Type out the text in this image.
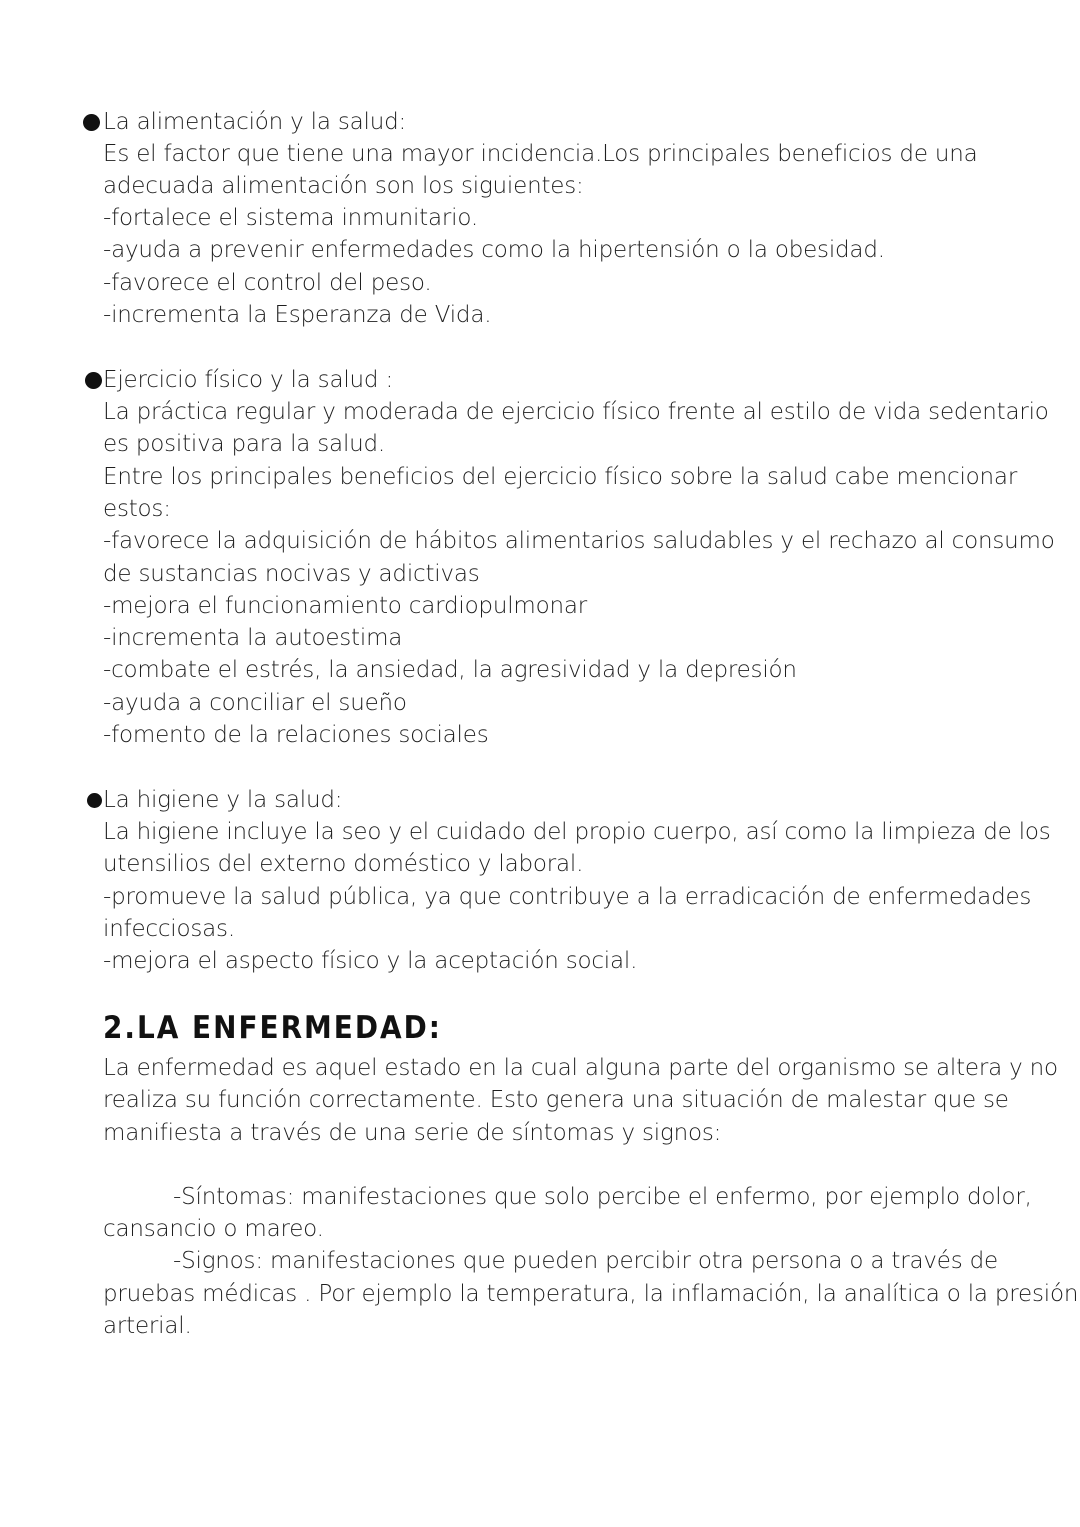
La alimentación y la salud:
Es el factor que tiene una mayor incidencia.Los principales beneficios de una
adecuada alimentación son los siguientes:
-fortalece el sistema inmunitario.
-ayuda a prevenir enfermedades como la hipertensión o la obesidad.
-favorece el control del peso.
-incrementa la Esperanza de Vida.
Ejercicio físico y la salud :
La práctica regular y moderada de ejercicio físico frente al estilo de vida sedentario
es positiva para la salud.
Entre los principales beneficios del ejercicio físico sobre la salud cabe mencionar
estos:
-favorece la adquisición de hábitos alimentarios saludables y el rechazo al consumo
de sustancias nocivas y adictivas
-mejora el funcionamiento cardiopulmonar
-incrementa la autoestima
-combate el estrés, la ansiedad, la agresividad y la depresión
-ayuda a conciliar el sueño
-fomento de la relaciones sociales
La higiene y la salud:
La higiene incluye la seo y el cuidado del propio cuerpo, así como la limpieza de los
utensilios del externo doméstico y laboral.
-promueve la salud pública, ya que contribuye a la erradicación de enfermedades
infecciosas.
-mejora el aspecto físico y la aceptación social.
2.LA ENFERMEDAD:
La enfermedad es aquel estado en la cual alguna parte del organismo se altera y no
realiza su función correctamente. Esto genera una situación de malestar que se
manifiesta a través de una serie de síntomas y signos:
-Síntomas: manifestaciones que solo percibe el enfermo, por ejemplo dolor,
cansancio o mareo.
-Signos: manifestaciones que pueden percibir otra persona o a través de
pruebas médicas . Por ejemplo la temperatura, la inflamación, la analítica o la presión
arterial.
